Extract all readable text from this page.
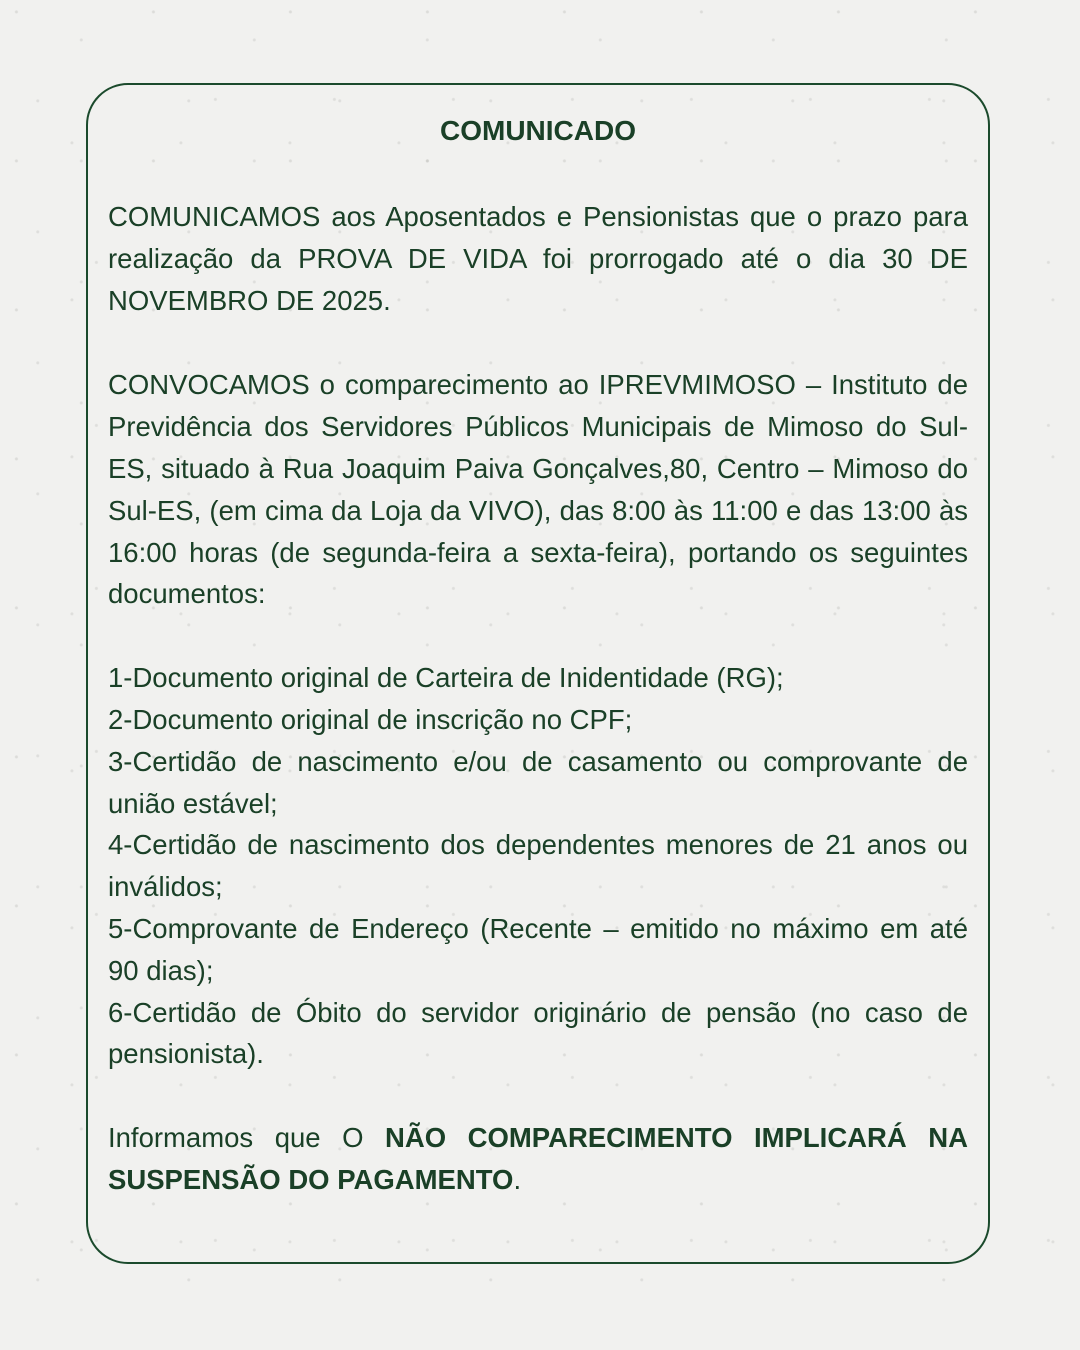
COMUNICADO

COMUNICAMOS aos Aposentados e Pensionistas que o prazo para realização da PROVA DE VIDA foi prorrogado até o dia 30 DE NOVEMBRO DE 2025.

CONVOCAMOS o comparecimento ao IPREVMIMOSO – Instituto de Previdência dos Servidores Públicos Municipais de Mimoso do Sul-ES, situado à Rua Joaquim Paiva Gonçalves,80, Centro – Mimoso do Sul-ES, (em cima da Loja da VIVO), das 8:00 às 11:00 e das 13:00 às 16:00 horas (de segunda-feira a sexta-feira), portando os seguintes documentos:

1-Documento original de Carteira de Inidentidade (RG);

2-Documento original de inscrição no CPF;

3-Certidão de nascimento e/ou de casamento ou comprovante de união estável;

4-Certidão de nascimento dos dependentes menores de 21 anos ou inválidos;

5-Comprovante de Endereço (Recente – emitido no máximo em até 90 dias);

6-Certidão de Óbito do servidor originário de pensão (no caso de pensionista).

Informamos que O NÃO COMPARECIMENTO IMPLICARÁ NA SUSPENSÃO DO PAGAMENTO.
